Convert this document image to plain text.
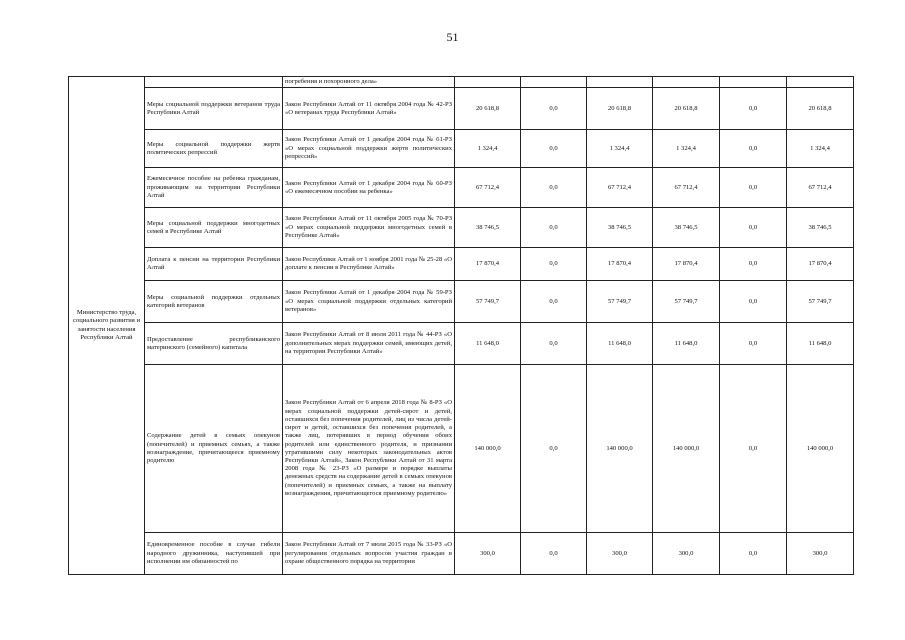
51
Министерство труда, социального развития и занятости населения Республики Алтай		погребения и похоронного дела»						
	Меры социальной поддержки ветеранов труда Республики Алтай	Закон Республики Алтай от 11 октября 2004 года № 42-РЗ «О ветеранах труда Республики Алтай»	20 618,8	0,0	20 618,8	20 618,8	0,0	20 618,8
	Меры социальной поддержки жертв политических репрессий	Закон Республики Алтай от 1 декабря 2004 года № 61-РЗ «О мерах социальной поддержки жертв политических репрессий»	1 324,4	0,0	1 324,4	1 324,4	0,0	1 324,4
	Ежемесячное пособие на ребенка гражданам, проживающим на территории Республики Алтай	Закон Республики Алтай от 1 декабря 2004 года № 60-РЗ «О ежемесячном пособии на ребенка»	67 712,4	0,0	67 712,4	67 712,4	0,0	67 712,4
	Меры социальной поддержки многодетных семей в Республике Алтай	Закон Республики Алтай от 11 октября 2005 года № 70-РЗ «О мерах социальной поддержки многодетных семей в Республике Алтай»	38 746,5	0,0	38 746,5	38 746,5	0,0	38 746,5
	Доплата к пенсии на территории Республики Алтай	Закон Республики Алтай от 1 ноября 2001 года № 25-28 «О доплате к пенсии в Республике Алтай»	17 870,4	0,0	17 870,4	17 870,4	0,0	17 870,4
	Меры социальной поддержки отдельных категорий ветеранов	Закон Республики Алтай от 1 декабря 2004 года № 59-РЗ «О мерах социальной поддержки отдельных категорий ветеранов»	57 749,7	0,0	57 749,7	57 749,7	0,0	57 749,7
	Предоставление республиканского материнского (семейного) капитала	Закон Республики Алтай от 8 июля 2011 года № 44-РЗ «О дополнительных мерах поддержки семей, имеющих детей, на территории Республики Алтай»	11 648,0	0,0	11 648,0	11 648,0	0,0	11 648,0
	Содержание детей в семьях опекунов (попечителей) и приемных семьях, а также вознаграждение, причитающееся приемному родителю	Закон Республики Алтай от 6 апреля 2018 года № 8-РЗ «О мерах социальной поддержки детей-сирот и детей, оставшихся без попечения родителей, лиц из числа детей-сирот и детей, оставшихся без попечения родителей, а также лиц, потерявших в период обучения обоих родителей или единственного родителя, и признании утратившими силу некоторых законодательных актов Республики Алтай», Закон Республики Алтай от 31 марта 2008 года № 23-РЗ «О размере и порядке выплаты денежных средств на содержание детей в семьях опекунов (попечителей) и приемных семьях, а также на выплату вознаграждения, причитающегося приемному родителю»	140 000,0	0,0	140 000,0	140 000,0	0,0	140 000,0
	Единовременное пособие в случае гибели народного дружинника, наступившей при исполнении им обязанностей по	Закон Республики Алтай от 7 июля 2015 года № 33-РЗ «О регулировании отдельных вопросов участия граждан в охране общественного порядка на территории	300,0	0,0	300,0	300,0	0,0	300,0
